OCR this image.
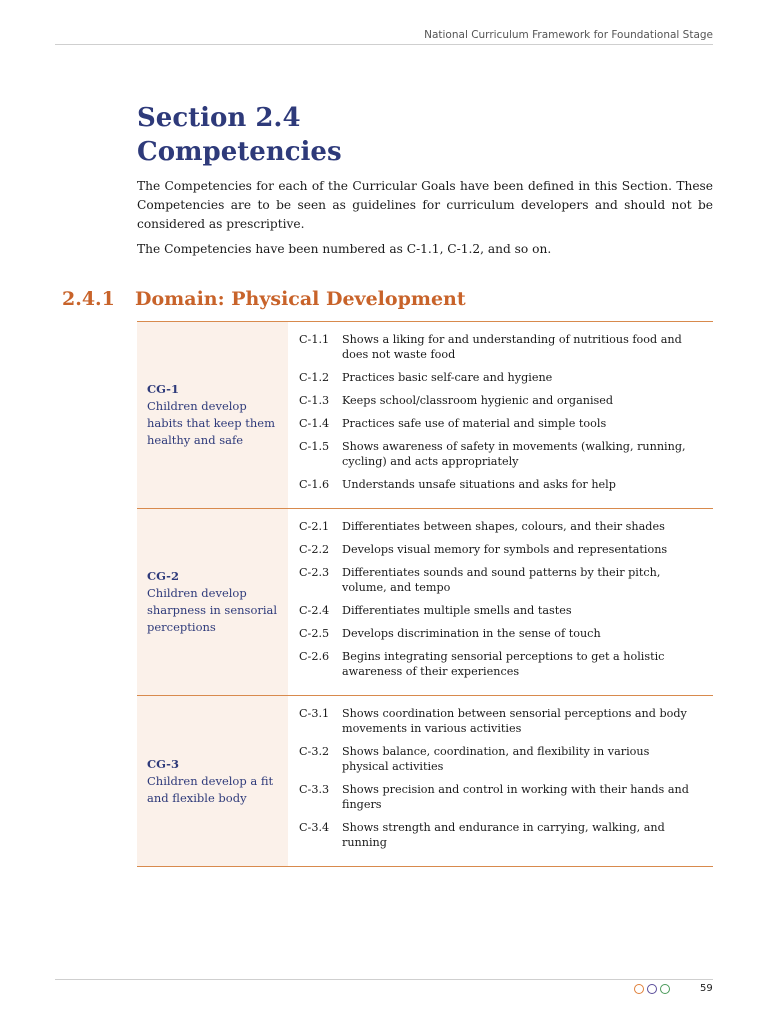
National Curriculum Framework for Foundational Stage
Section 2.4
Competencies

The Competencies for each of the Curricular Goals have been defined in this Section. These Competencies are to be seen as guidelines for curriculum developers and should not be considered as prescriptive.

The Competencies have been numbered as C-1.1, C-1.2, and so on.

2.4.1 Domain: Physical Development
CG-1
Children develop habits that keep them healthy and safe
C-1.1	Shows a liking for and understanding of nutritious food and does not waste food
C-1.2	Practices basic self-care and hygiene
C-1.3	Keeps school/classroom hygienic and organised
C-1.4	Practices safe use of material and simple tools
C-1.5	Shows awareness of safety in movements (walking, running, cycling) and acts appropriately
C-1.6	Understands unsafe situations and asks for help
CG-2
Children develop sharpness in sensorial perceptions
C-2.1	Differentiates between shapes, colours, and their shades
C-2.2	Develops visual memory for symbols and representations
C-2.3	Differentiates sounds and sound patterns by their pitch, volume, and tempo
C-2.4	Differentiates multiple smells and tastes
C-2.5	Develops discrimination in the sense of touch
C-2.6	Begins integrating sensorial perceptions to get a holistic awareness of their experiences
CG-3
Children develop a fit and flexible body
C-3.1	Shows coordination between sensorial perceptions and body movements in various activities
C-3.2	Shows balance, coordination, and flexibility in various physical activities
C-3.3	Shows precision and control in working with their hands and fingers
C-3.4	Shows strength and endurance in carrying, walking, and running
59
